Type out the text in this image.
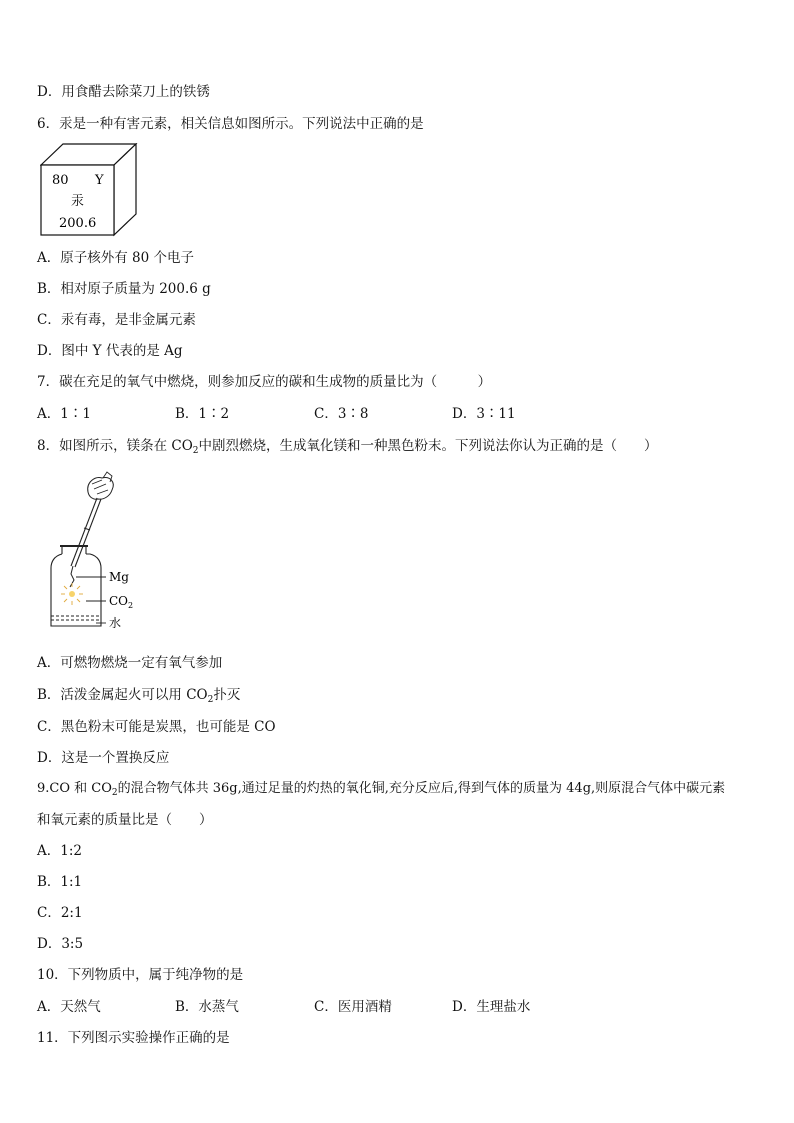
D．用食醋去除菜刀上的铁锈
6．汞是一种有害元素，相关信息如图所示。下列说法中正确的是
80 Y
汞
200.6
A．原子核外有 80 个电子
B．相对原子质量为 200.6 g
C．汞有毒，是非金属元素
D．图中 Y 代表的是 Ag
7．碳在充足的氧气中燃烧，则参加反应的碳和生成物的质量比为（　　　）
A．1∶1	B．1∶2	C．3∶8	D．3∶11
8．如图所示，镁条在 $CO_2$中剧烈燃烧，生成氧化镁和一种黑色粉末。下列说法你认为正确的是（　　）
Mg
$CO_2$
水
A．可燃物燃烧一定有氧气参加
B．活泼金属起火可以用 $CO_2$扑灭
C．黑色粉末可能是炭黑，也可能是 CO
D．这是一个置换反应
9.CO 和 $CO_2$的混合物气体共 36g,通过足量的灼热的氧化铜,充分反应后,得到气体的质量为 44g,则原混合气体中碳元素
和氧元素的质量比是（　　）
A．1:2
B．1:1
C．2:1
D．3:5
10．下列物质中，属于纯净物的是
A．天然气	B．水蒸气	C．医用酒精	D．生理盐水
11．下列图示实验操作正确的是
